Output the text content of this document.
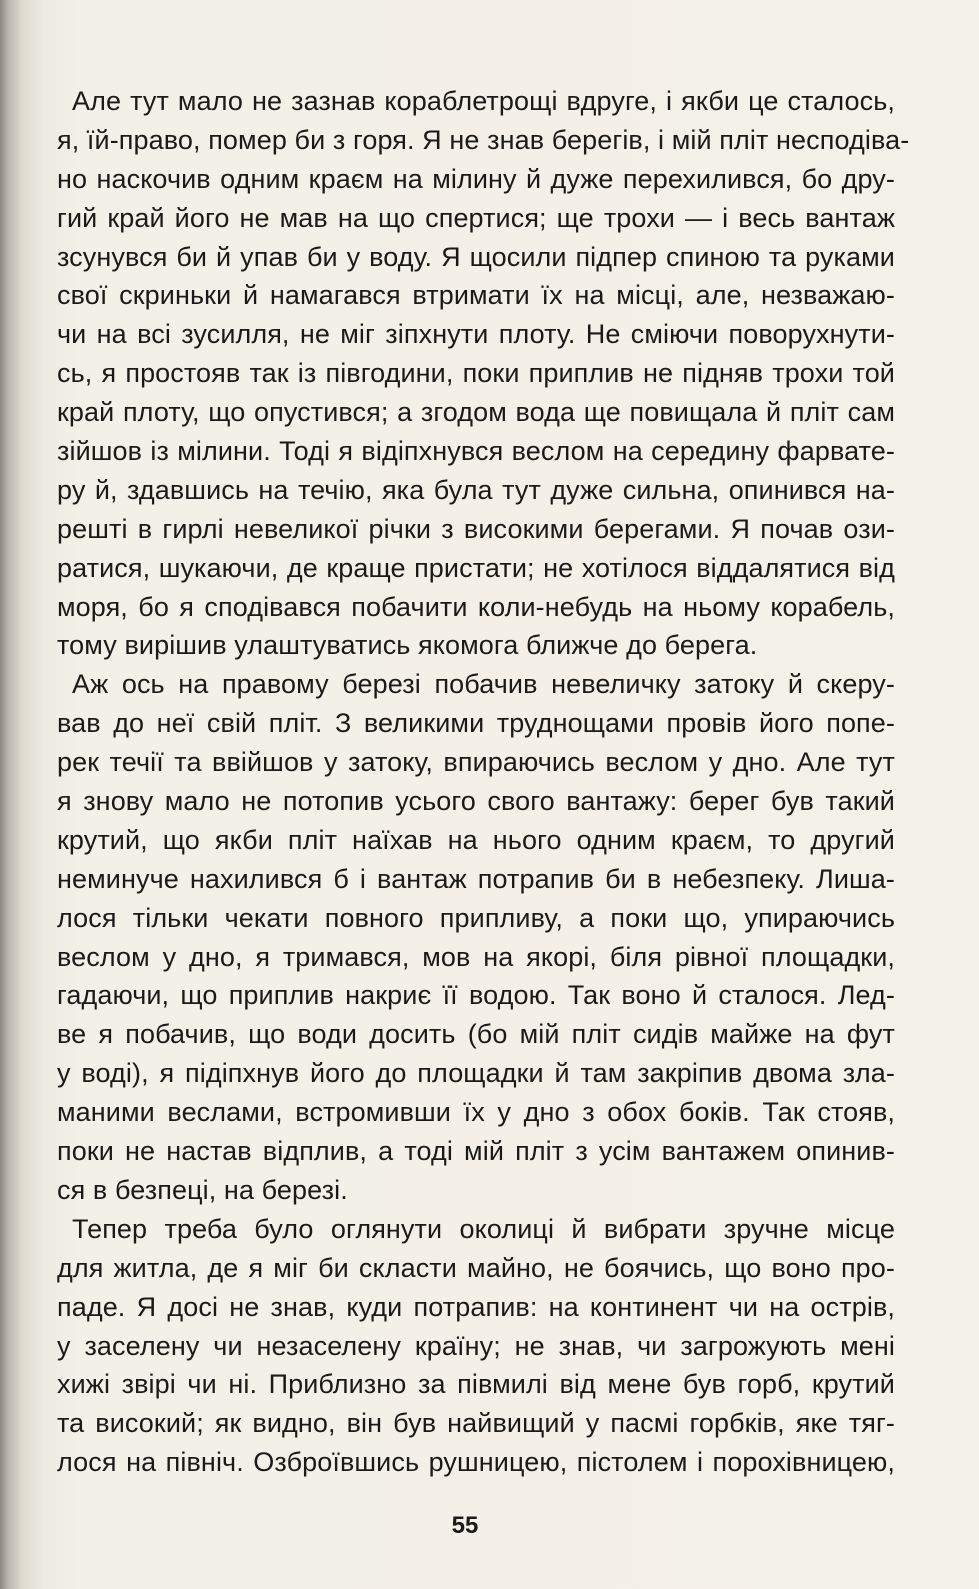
Але тут мало не зазнав кораблетрощі вдруге, і якби це сталось,
я, їй-право, помер би з горя. Я не знав берегів, і мій пліт несподіва-
но наскочив одним краєм на мілину й дуже перехилився, бо дру-
гий край його не мав на що спертися; ще трохи — і весь вантаж
зсунувся би й упав би у воду. Я щосили підпер спиною та руками
свої скриньки й намагався втримати їх на місці, але, незважаю-
чи на всі зусилля, не міг зіпхнути плоту. Не сміючи поворухнути-
сь, я простояв так із півгодини, поки приплив не підняв трохи той
край плоту, що опустився; а згодом вода ще повищала й пліт сам
зійшов із мілини. Тоді я відіпхнувся веслом на середину фарвате-
ру й, здавшись на течію, яка була тут дуже сильна, опинився на-
решті в гирлі невеликої річки з високими берегами. Я почав ози-
ратися, шукаючи, де краще пристати; не хотілося віддалятися від
моря, бо я сподівався побачити коли-небудь на ньому корабель,
тому вирішив улаштуватись якомога ближче до берега.
Аж ось на правому березі побачив невеличку затоку й скеру-
вав до неї свій пліт. З великими труднощами провів його попе-
рек течії та ввійшов у затоку, впираючись веслом у дно. Але тут
я знову мало не потопив усього свого вантажу: берег був такий
крутий, що якби пліт наїхав на нього одним краєм, то другий
неминуче нахилився б і вантаж потрапив би в небезпеку. Лиша-
лося тільки чекати повного припливу, а поки що, упираючись
веслом у дно, я тримався, мов на якорі, біля рівної площадки,
гадаючи, що приплив накриє її водою. Так воно й сталося. Лед-
ве я побачив, що води досить (бо мій пліт сидів майже на фут
у воді), я підіпхнув його до площадки й там закріпив двома зла-
маними веслами, встромивши їх у дно з обох боків. Так стояв,
поки не настав відплив, а тоді мій пліт з усім вантажем опинив-
ся в безпеці, на березі.
Тепер треба було оглянути околиці й вибрати зручне місце
для житла, де я міг би скласти майно, не боячись, що воно про-
паде. Я досі не знав, куди потрапив: на континент чи на острів,
у заселену чи незаселену країну; не знав, чи загрожують мені
хижі звірі чи ні. Приблизно за півмилі від мене був горб, крутий
та високий; як видно, він був найвищий у пасмі горбків, яке тяг-
лося на північ. Озброївшись рушницею, пістолем і порохівницею,
55
